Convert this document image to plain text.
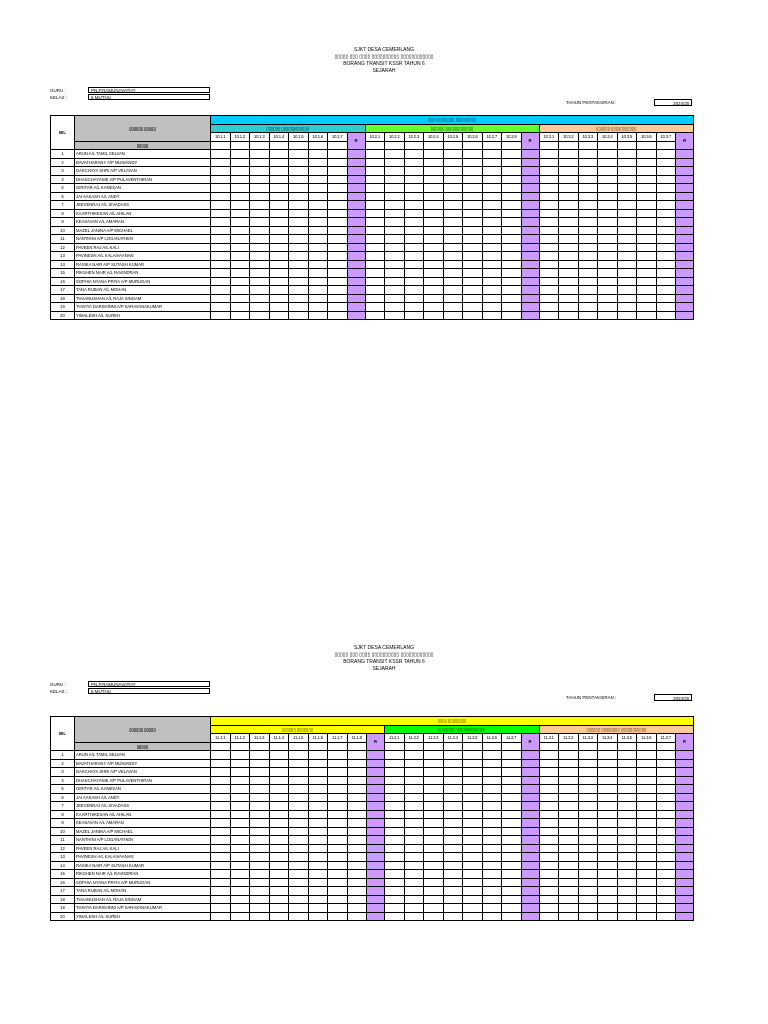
SJKT DESA CEMERLANG
▯▯▯▯▯ ▯▯▯ ▯▯▯▯ ▯▯▯▯▯▯▯▯▯▯ ▯▯▯▯▯▯▯▯▯▯▯▯
BORANG TRANSIT KSSR TAHUN 6
SEJARAH
GURU :	PN.P.RAMUNAVATHY
KELAS :	6 MUTHU
TAHUN PENTAKSIRAN :	2024/25
BIL	▯▯▯▯▯▯ ▯▯▯▯▯	▯▯▯ ▯▯▯▯▯▯▯▯ ▯▯▯▯▯▯▯▯▯																								
		▯▯▯▯▯▯ ▯▯▯▯▯▯▯▯▯▯▯▯								▯▯▯▯▯▯ ▯▯▯▯▯▯▯▯▯▯▯▯									▯▯▯▯▯▯ ▯▯▯▯▯▯▯▯▯▯▯							
		10.1.1	10.1.2	10.1.3	10.1.4	10.1.5	10.1.6	10.1.7	R	10.2.1	10.2.2	10.2.3	10.2.4	10.2.5	10.2.6	10.2.7	10.2.8	R	10.3.1	10.3.2	10.3.3	10.3.4	10.3.5	10.3.6	10.3.7	R
	▯▯▯▯▯																									
1	ARUN A/L TAMIL SELVAN																									
2	BAVATHARANY A/P MUNIANDY																									
3	DAKCHAYA SHRI A/P VELAVAN																									
4	DHAKCHAYANIE A/P PULAVENTHIRAN																									
5	GIRITAR A/L KANESAN																									
6	JAI AAKASH A/L ANDY																									
7	JEEVENRAJ A/L SIVADASS																									
8	KAARTHIKESAN A/L AHILAN																									
9	KEASAVAN A/L AMARAN																									
10	MAZEL JANINA A/P MICHAEL																									
11	NANTHINI A/P LOGANATHEN																									
12	PAVEEN RAJ A/L KALI																									
13	PAVINESH A/L KALAIVAANAN																									
14	RASIKA NAIR A/P SUTASH KUMAR																									
15	RIKSHEN NAIR A/L RAVINDRAN																									
16	SOPHIA NYANA PRIYA A/P MURUGAN																									
17	TANA RUBAN A/L MOHAN																									
18	THAANUSHAN A/L RAJA SINGAM																									
19	THIVIYA DARSHINNI A/P SARAVANAKUMAR																									
20	YIMALESH A/L SUREH																									
SJKT DESA CEMERLANG
▯▯▯▯▯ ▯▯▯ ▯▯▯▯ ▯▯▯▯▯▯▯▯▯▯ ▯▯▯▯▯▯▯▯▯▯▯▯
BORANG TRANSIT KSSR TAHUN 6
SEJARAH
GURU :	PN.P.RAMUNAVATHY
KELAS :	6 MUTHU
TAHUN PENTAKSIRAN :	2024/25
BIL	▯▯▯▯▯▯ ▯▯▯▯▯	▯▯▯▯ ▯▯▯▯▯▯▯▯																								
		▯▯▯▯▯▯ ▯▯▯▯▯▯▯									▯▯▯▯▯▯▯ ▯▯▯▯▯▯▯▯▯▯▯▯▯								▯▯▯▯▯▯ ▯▯▯▯▯▯▯▯ ▯▯▯▯▯▯▯▯▯▯▯							
		11.1.1	11.1.2	11.1.3	11.1.4	11.1.5	11.1.6	11.1.7	11.1.8	R	11.2.1	11.2.2	11.2.3	11.2.4	11.2.5	11.2.6	11.2.7	R	11.3.1	11.3.2	11.3.3	11.3.4	11.3.5	11.3.6	11.3.7	R
	▯▯▯▯▯																									
1	ARUN A/L TAMIL SELVAN																									
2	BAVATHARANY A/P MUNIANDY																									
3	DAKCHAYA SHRI A/P VELAVAN																									
4	DHAKCHAYANIE A/P PULAVENTHIRAN																									
5	GIRITAR A/L KANESAN																									
6	JAI AAKASH A/L ANDY																									
7	JEEVENRAJ A/L SIVADASS																									
8	KAARTHIKESAN A/L AHILAN																									
9	KEASAVAN A/L AMARAN																									
10	MAZEL JANINA A/P MICHAEL																									
11	NANTHINI A/P LOGANATHEN																									
12	PAVEEN RAJ A/L KALI																									
13	PAVINESH A/L KALAIVAANAN																									
14	RASIKA NAIR A/P SUTASH KUMAR																									
15	RIKSHEN NAIR A/L RAVINDRAN																									
16	SOPHIA NYANA PRIYA A/P MURUGAN																									
17	TANA RUBAN A/L MOHAN																									
18	THAANUSHAN A/L RAJA SINGAM																									
19	THIVIYA DARSHINNI A/P SARAVANAKUMAR																									
20	YIMALESH A/L SUREH																									
